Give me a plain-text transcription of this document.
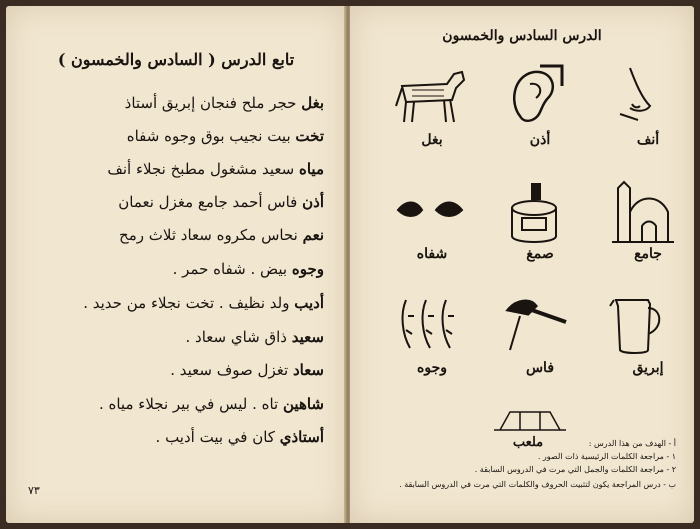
تابع الدرس ( السادس والخمسون )
بغل حجر ملح فنجان إبريق أستاذ
تخت بيت نجيب بوق وجوه شفاه
مياه سعيد مشغول مطبخ نجلاء أنف
أذن فاس أحمد جامع مغزل نعمان
نعم نحاس مكروه سعاد ثلاث رمح
وجوه بيض . شفاه حمر .
أديب ولد نظيف . تخت نجلاء من حديد .
سعيد ذاق شاي سعاد .
سعاد تغزل صوف سعيد .
شاهين تاه . ليس في بير نجلاء مياه .
أستاذي كان في بيت أديب .
٧٣
الدرس السادس والخمسون
بغل	أذن	أنف
شفاه	صمغ	جامع
وجوه	فاس	إبريق
ملعب	أ - الهدف من هذا الدرس :
١ - مراجعة الكلمات الرئيسية ذات الصور .
٢ - مراجعة الكلمات والجمل التي مرت في الدروس السابقة .
ب - درس المراجعة يكون لتثبيت الحروف والكلمات التي مرت في الدروس السابقة .
